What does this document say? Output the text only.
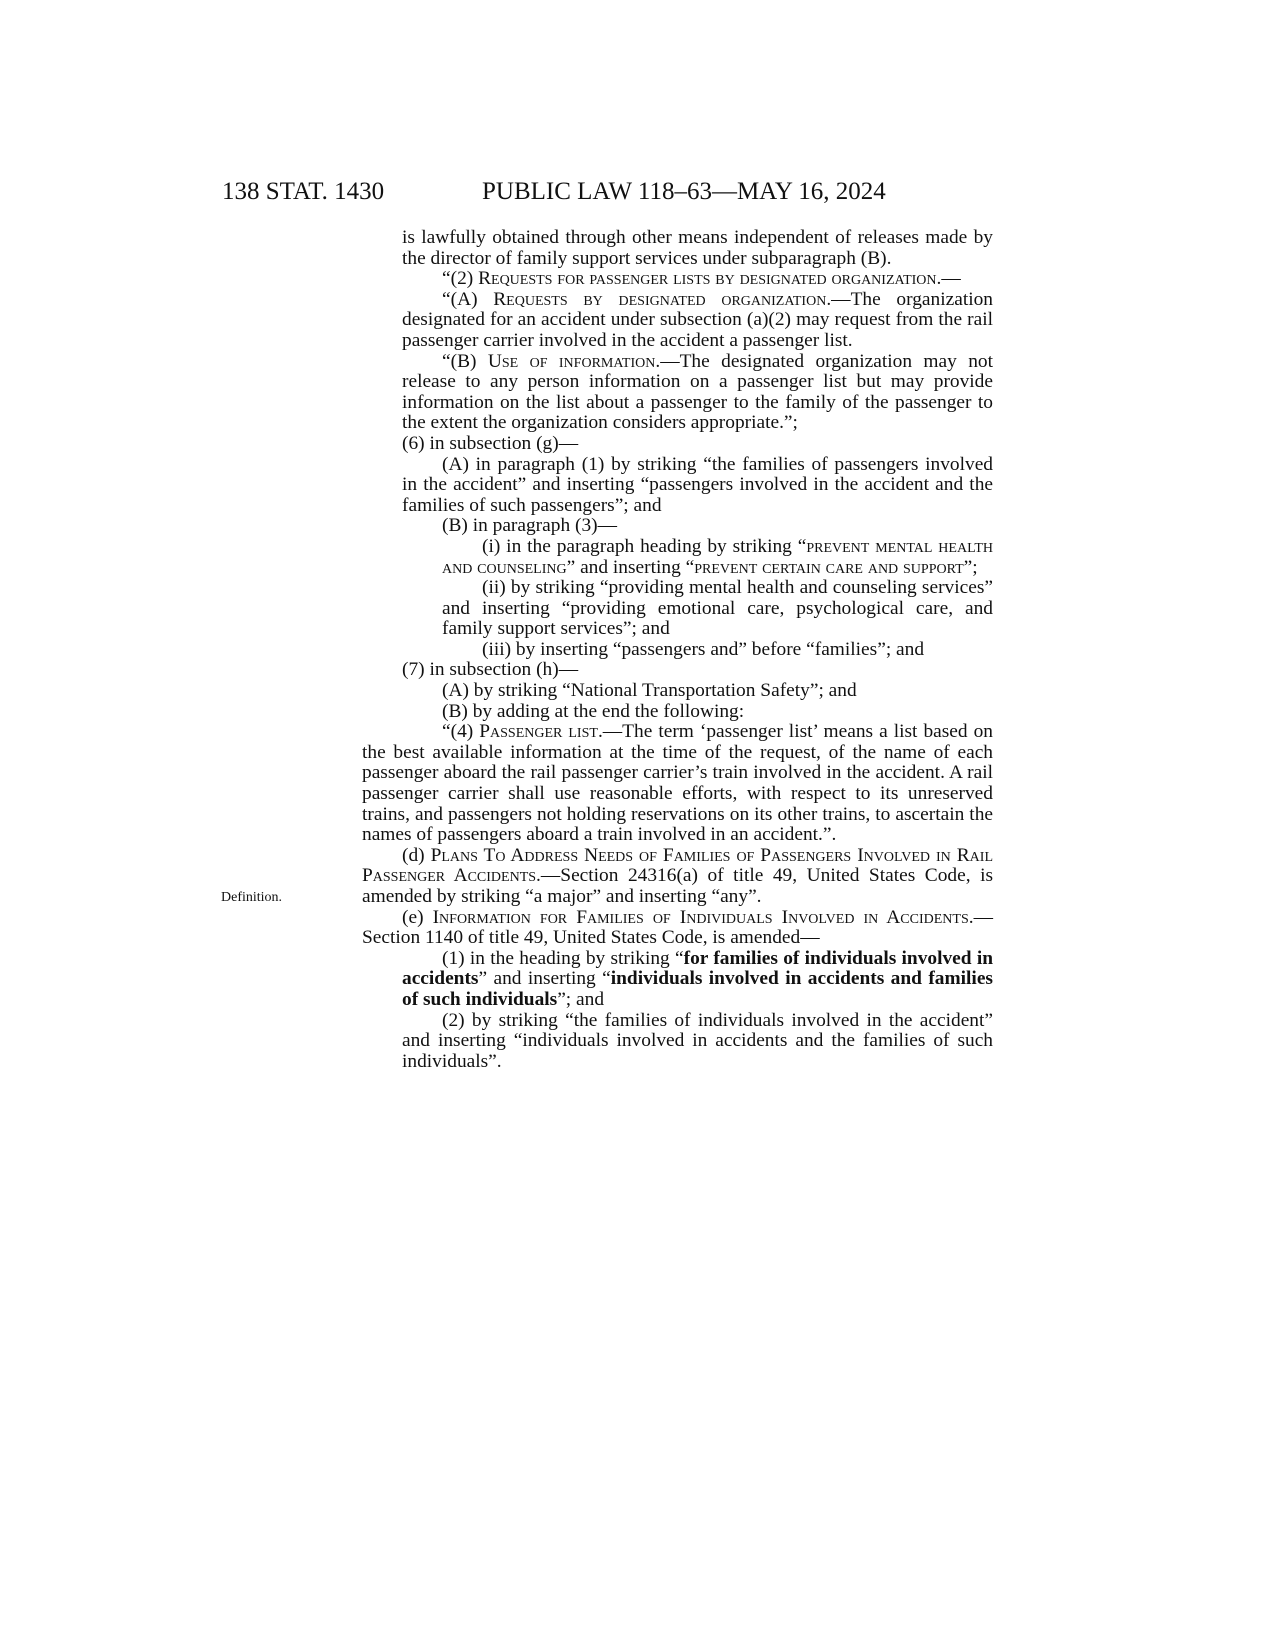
138 STAT. 1430	PUBLIC LAW 118–63—MAY 16, 2024
Definition.

is lawfully obtained through other means independent of releases made by the director of family support services under subparagraph (B).

“(2) Requests for passenger lists by designated organization.—

“(A) Requests by designated organization.—The organization designated for an accident under subsection (a)(2) may request from the rail passenger carrier involved in the accident a passenger list.

“(B) Use of information.—The designated organization may not release to any person information on a passenger list but may provide information on the list about a passenger to the family of the passenger to the extent the organization considers appropriate.”;

(6) in subsection (g)—

(A) in paragraph (1) by striking “the families of passengers involved in the accident” and inserting “passengers involved in the accident and the families of such passengers”; and

(B) in paragraph (3)—

(i) in the paragraph heading by striking “prevent mental health and counseling” and inserting “prevent certain care and support”;

(ii) by striking “providing mental health and counseling services” and inserting “providing emotional care, psychological care, and family support services”; and

(iii) by inserting “passengers and” before “families”; and

(7) in subsection (h)—

(A) by striking “National Transportation Safety”; and

(B) by adding at the end the following:

“(4) Passenger list.—The term ‘passenger list’ means a list based on the best available information at the time of the request, of the name of each passenger aboard the rail passenger carrier’s train involved in the accident. A rail passenger carrier shall use reasonable efforts, with respect to its unreserved trains, and passengers not holding reservations on its other trains, to ascertain the names of passengers aboard a train involved in an accident.”.

(d) Plans To Address Needs of Families of Passengers Involved in Rail Passenger Accidents.—Section 24316(a) of title 49, United States Code, is amended by striking “a major” and inserting “any”.

(e) Information for Families of Individuals Involved in Accidents.—Section 1140 of title 49, United States Code, is amended—

(1) in the heading by striking “for families of individuals involved in accidents” and inserting “individuals involved in accidents and families of such individuals”; and

(2) by striking “the families of individuals involved in the accident” and inserting “individuals involved in accidents and the families of such individuals”.
